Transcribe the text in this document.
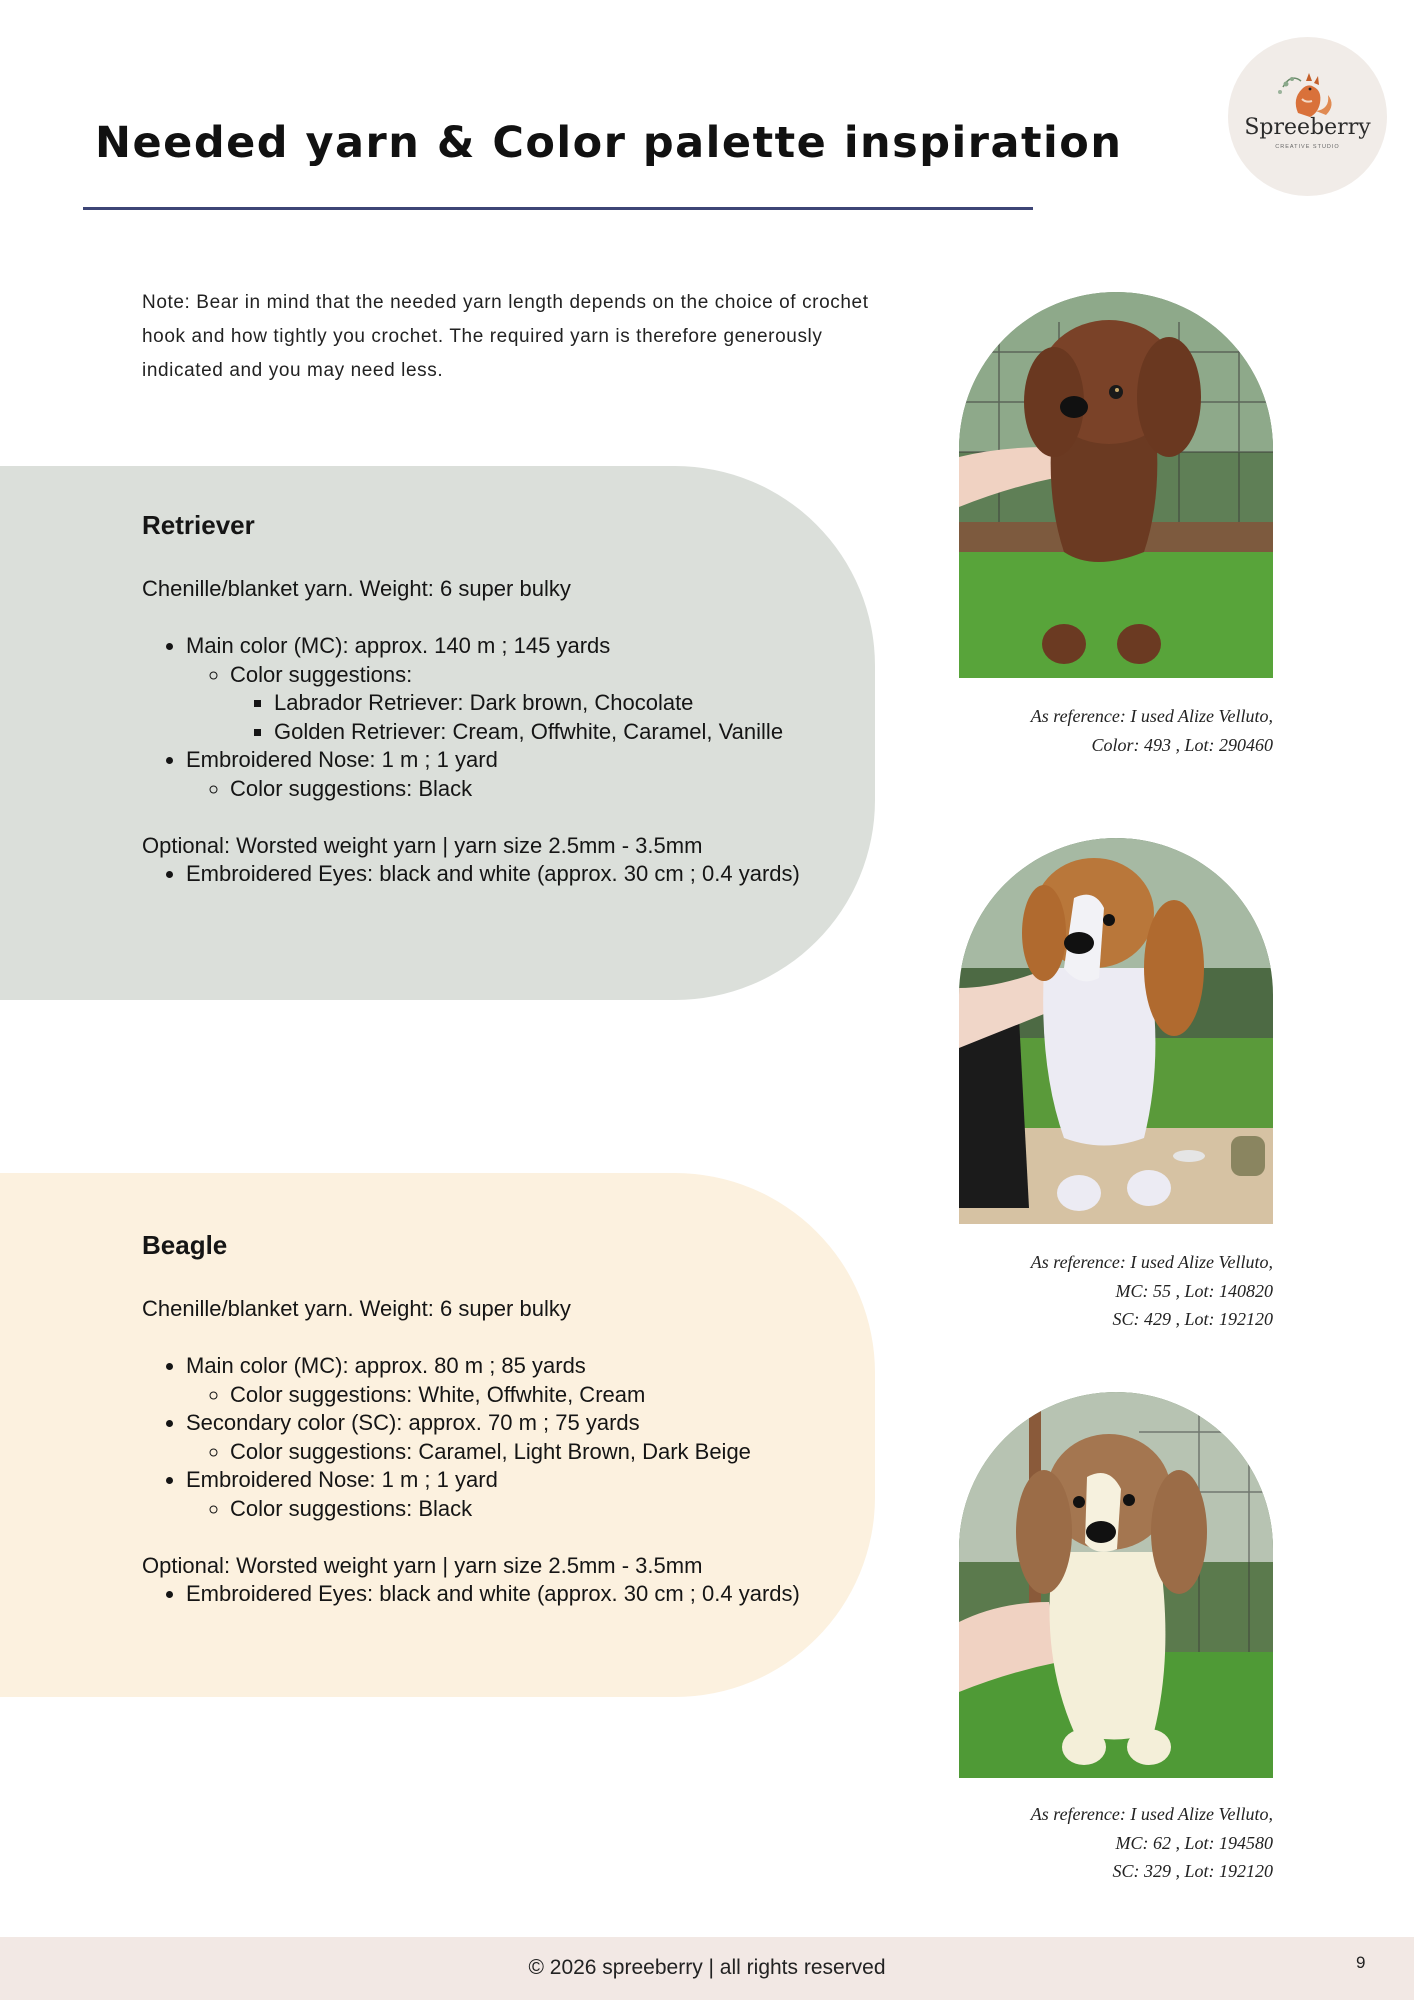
Needed yarn & Color palette inspiration	Spreeberry
CREATIVE STUDIO
Note: Bear in mind that the needed yarn length depends on the choice of crochet hook and how tightly you crochet. The required yarn is therefore generously indicated and you may need less.
Retriever

Chenille/blanket yarn. Weight: 6 super bulky

• Main color (MC): approx. 140 m ; 145 yards
◦ Color suggestions:
▪ Labrador Retriever: Dark brown, Chocolate
▪ Golden Retriever: Cream, Offwhite, Caramel, Vanille
• Embroidered Nose: 1 m ; 1 yard
◦ Color suggestions: Black

Optional: Worsted weight yarn | yarn size 2.5mm - 3.5mm

• Embroidered Eyes: black and white (approx. 30 cm ; 0.4 yards)
Beagle

Chenille/blanket yarn. Weight: 6 super bulky

• Main color (MC): approx. 80 m ; 85 yards
◦ Color suggestions: White, Offwhite, Cream
• Secondary color (SC): approx. 70 m ; 75 yards
◦ Color suggestions: Caramel, Light Brown, Dark Beige
• Embroidered Nose: 1 m ; 1 yard
◦ Color suggestions: Black

Optional: Worsted weight yarn | yarn size 2.5mm - 3.5mm

• Embroidered Eyes: black and white (approx. 30 cm ; 0.4 yards)
As reference: I used Alize Velluto,
Color: 493 , Lot: 290460
As reference: I used Alize Velluto,
MC: 55 , Lot: 140820
SC: 429 , Lot: 192120
As reference: I used Alize Velluto,
MC: 62 , Lot: 194580
SC: 329 , Lot: 192120
© 2026 spreeberry | all rights reserved	9
